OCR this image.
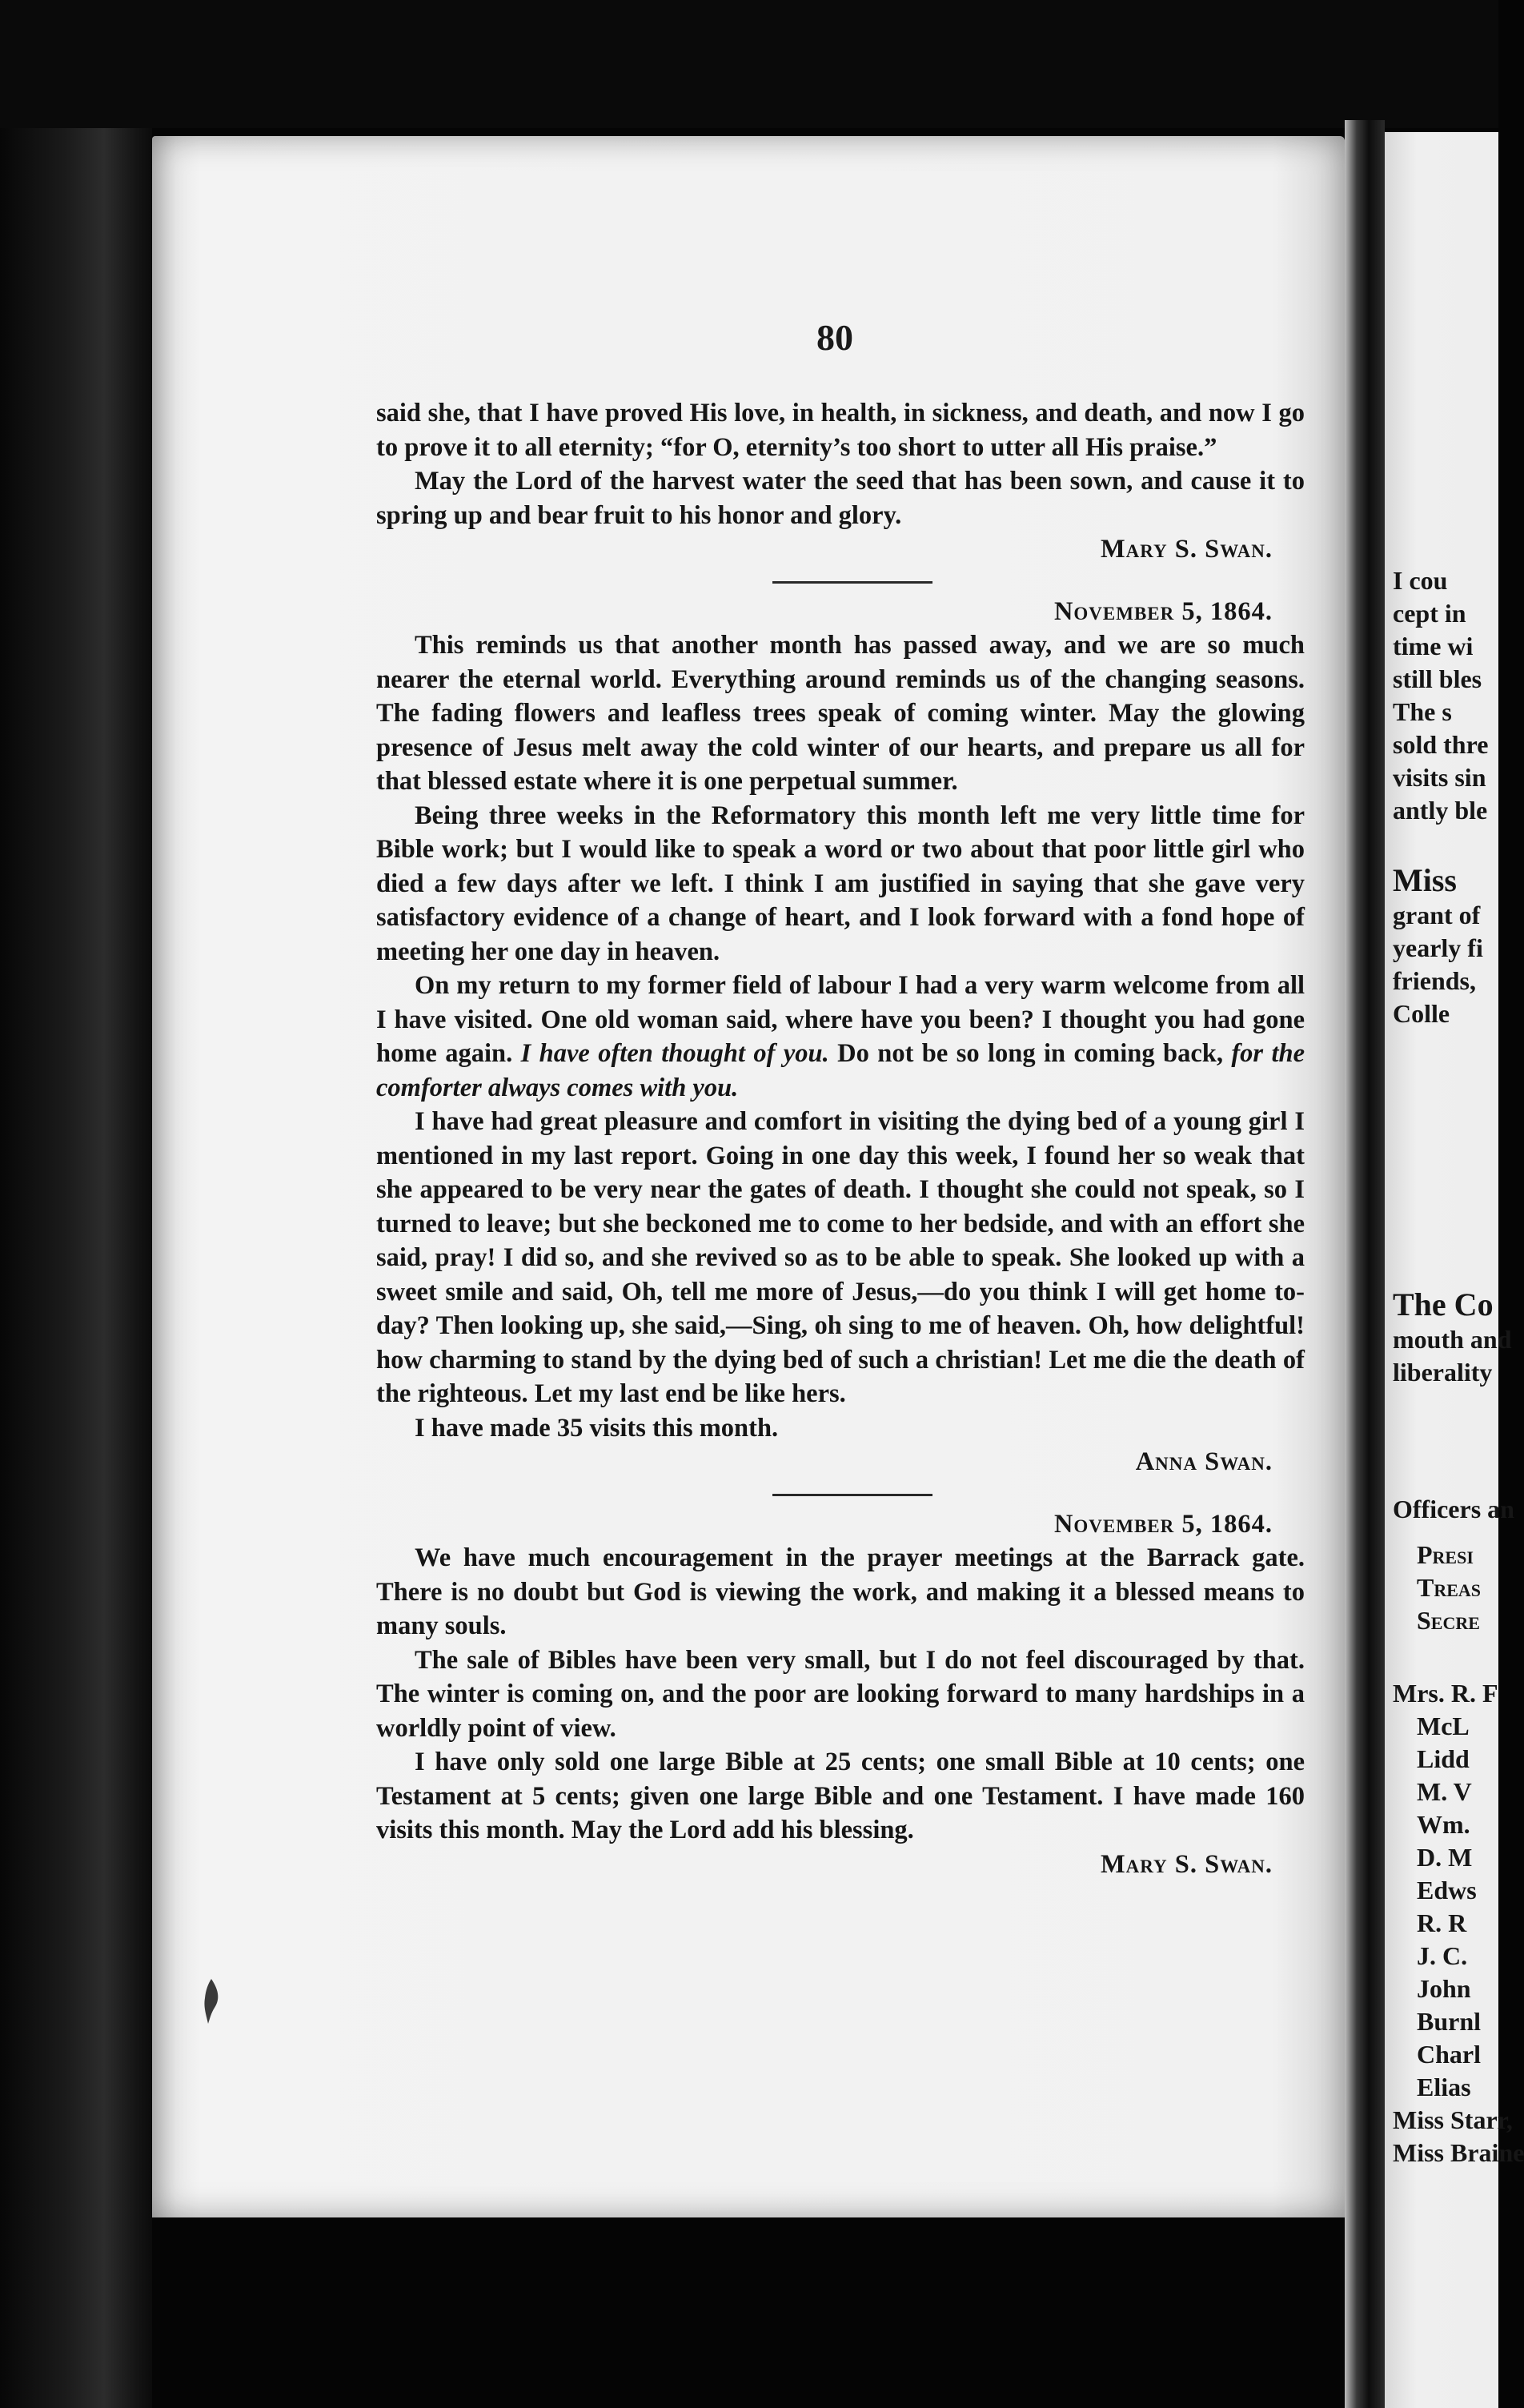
80

said she, that I have proved His love, in health, in sickness, and death, and now I go to prove it to all eternity; “for O, eternity’s too short to utter all His praise.”

May the Lord of the harvest water the seed that has been sown, and cause it to spring up and bear fruit to his honor and glory.

Mary S. Swan.

November 5, 1864.

This reminds us that another month has passed away, and we are so much nearer the eternal world. Everything around reminds us of the changing seasons. The fading flowers and leafless trees speak of coming winter. May the glowing presence of Jesus melt away the cold winter of our hearts, and prepare us all for that blessed estate where it is one perpetual summer.

Being three weeks in the Reformatory this month left me very little time for Bible work; but I would like to speak a word or two about that poor little girl who died a few days after we left. I think I am justified in saying that she gave very satisfactory evidence of a change of heart, and I look forward with a fond hope of meeting her one day in heaven.

On my return to my former field of labour I had a very warm welcome from all I have visited. One old woman said, where have you been? I thought you had gone home again. I have often thought of you. Do not be so long in coming back, for the comforter always comes with you.

I have had great pleasure and comfort in visiting the dying bed of a young girl I mentioned in my last report. Going in one day this week, I found her so weak that she appeared to be very near the gates of death. I thought she could not speak, so I turned to leave; but she beckoned me to come to her bedside, and with an effort she said, pray! I did so, and she revived so as to be able to speak. She looked up with a sweet smile and said, Oh, tell me more of Jesus,—do you think I will get home to-day? Then looking up, she said,—Sing, oh sing to me of heaven. Oh, how delightful! how charming to stand by the dying bed of such a christian! Let me die the death of the righteous. Let my last end be like hers.

I have made 35 visits this month.

Anna Swan.

November 5, 1864.

We have much encouragement in the prayer meetings at the Barrack gate. There is no doubt but God is viewing the work, and making it a blessed means to many souls.

The sale of Bibles have been very small, but I do not feel discouraged by that. The winter is coming on, and the poor are looking forward to many hardships in a worldly point of view.

I have only sold one large Bible at 25 cents; one small Bible at 10 cents; one Testament at 5 cents; given one large Bible and one Testament. I have made 160 visits this month. May the Lord add his blessing.

Mary S. Swan.

I cou
cept in
time wi
still bles
The s
sold thre
visits sin
antly ble
Miss
grant of
yearly fi
friends,
Colle
The Co
mouth and
liberality
Officers an
Presi
Treas
Secre
Mrs. R. F
McL
Lidd
M. V
Wm.
D. M
Edws
R. R
J. C.
John
Burnl
Charl
Elias
Miss Starr,
Miss Braine
